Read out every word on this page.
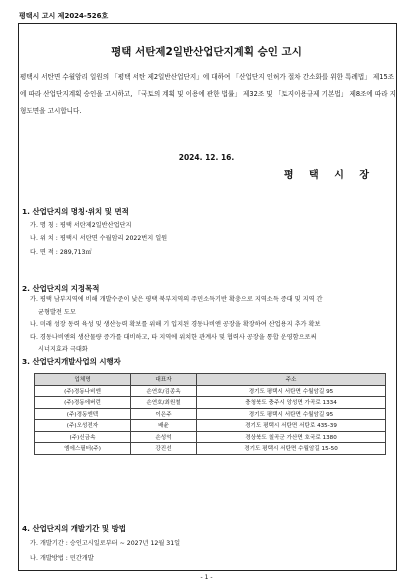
평택시 고시 제2024-526호
평택 서탄제2일반산업단지계획 승인 고시
평택시 서탄면 수월암리 일원의 「평택 서탄 제2일반산업단지」에 대하여 「산업단지 인허가 절차 간소화를 위한 특례법」 제15조에 따라 산업단지계획 승인을 고시하고, 「국토의 계획 및 이용에 관한 법률」 제32조 및 「토지이용규제 기본법」 제8조에 따라 지형도면을 고시합니다.
2024. 12. 16.
평 택 시 장
1. 산업단지의 명칭·위치 및 면적
가. 명 칭 : 평택 서탄제2일반산업단지
나. 위 치 : 평택시 서탄면 수월암리 2022번지 일원
다. 면 적 : 289,713㎡
2. 산업단지의 지정목적
가. 평택 남부지역에 비해 개발수준이 낮은 평택 북부지역의 주민소득기반 확충으로 지역소득 증대 및 지역 간
균형발전 도모
나. 미래 성장 동력 육성 및 생산능력 확보를 위해 기 입지된 경동나비엔 공장을 확장하여 산업용지 추가 확보
다. 경동나비엔의 생산물량 증가를 대비하고, 타 지역에 위치한 관계사 및 협력사 공장을 통합 운영함으로써
시너지효과 극대화
3. 산업단지개발사업의 시행자
업체명	대표자	주소
(주)경동나비엔	손연호/김종옥	경기도 평택시 서탄면 수월암길 95
(주)경동에버런	손연호/최원철	충청북도 충주시 앙성면 가곡로 1334
(주)경동엔텍	이은주	경기도 평택시 서탄면 수월암길 95
(주)오성전자	배윤	경기도 평택시 서탄면 서탄로 435-39
(주)신금속	손성억	경상북도 칠곡군 가산면 호국로 1380
엠에스필터(주)	강진선	경기도 평택시 서탄면 수월암길 15-50
4. 산업단지의 개발기간 및 방법
가. 개발기간 : 승인고시일로부터 ~ 2027년 12월 31일
나. 개발방법 : 민간개발
- 1 -
